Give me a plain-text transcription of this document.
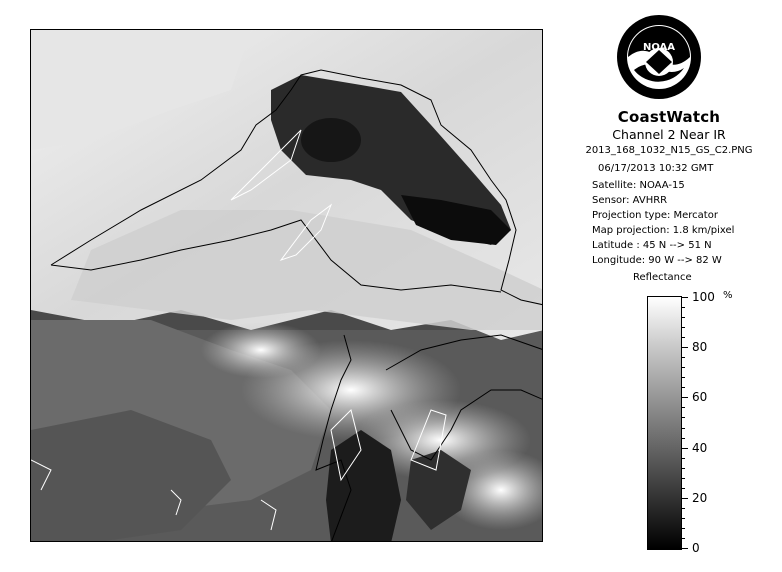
NOAA
CoastWatch
Channel 2 Near IR
2013_168_1032_N15_GS_C2.PNG
06/17/2013 10:32 GMT
Satellite: NOAA-15
Sensor: AVHRR
Projection type: Mercator
Map projection: 1.8 km/pixel
Latitude : 45 N --> 51 N
Longitude: 90 W --> 82 W
Reflectance
%
100
80
60
40
20
0
